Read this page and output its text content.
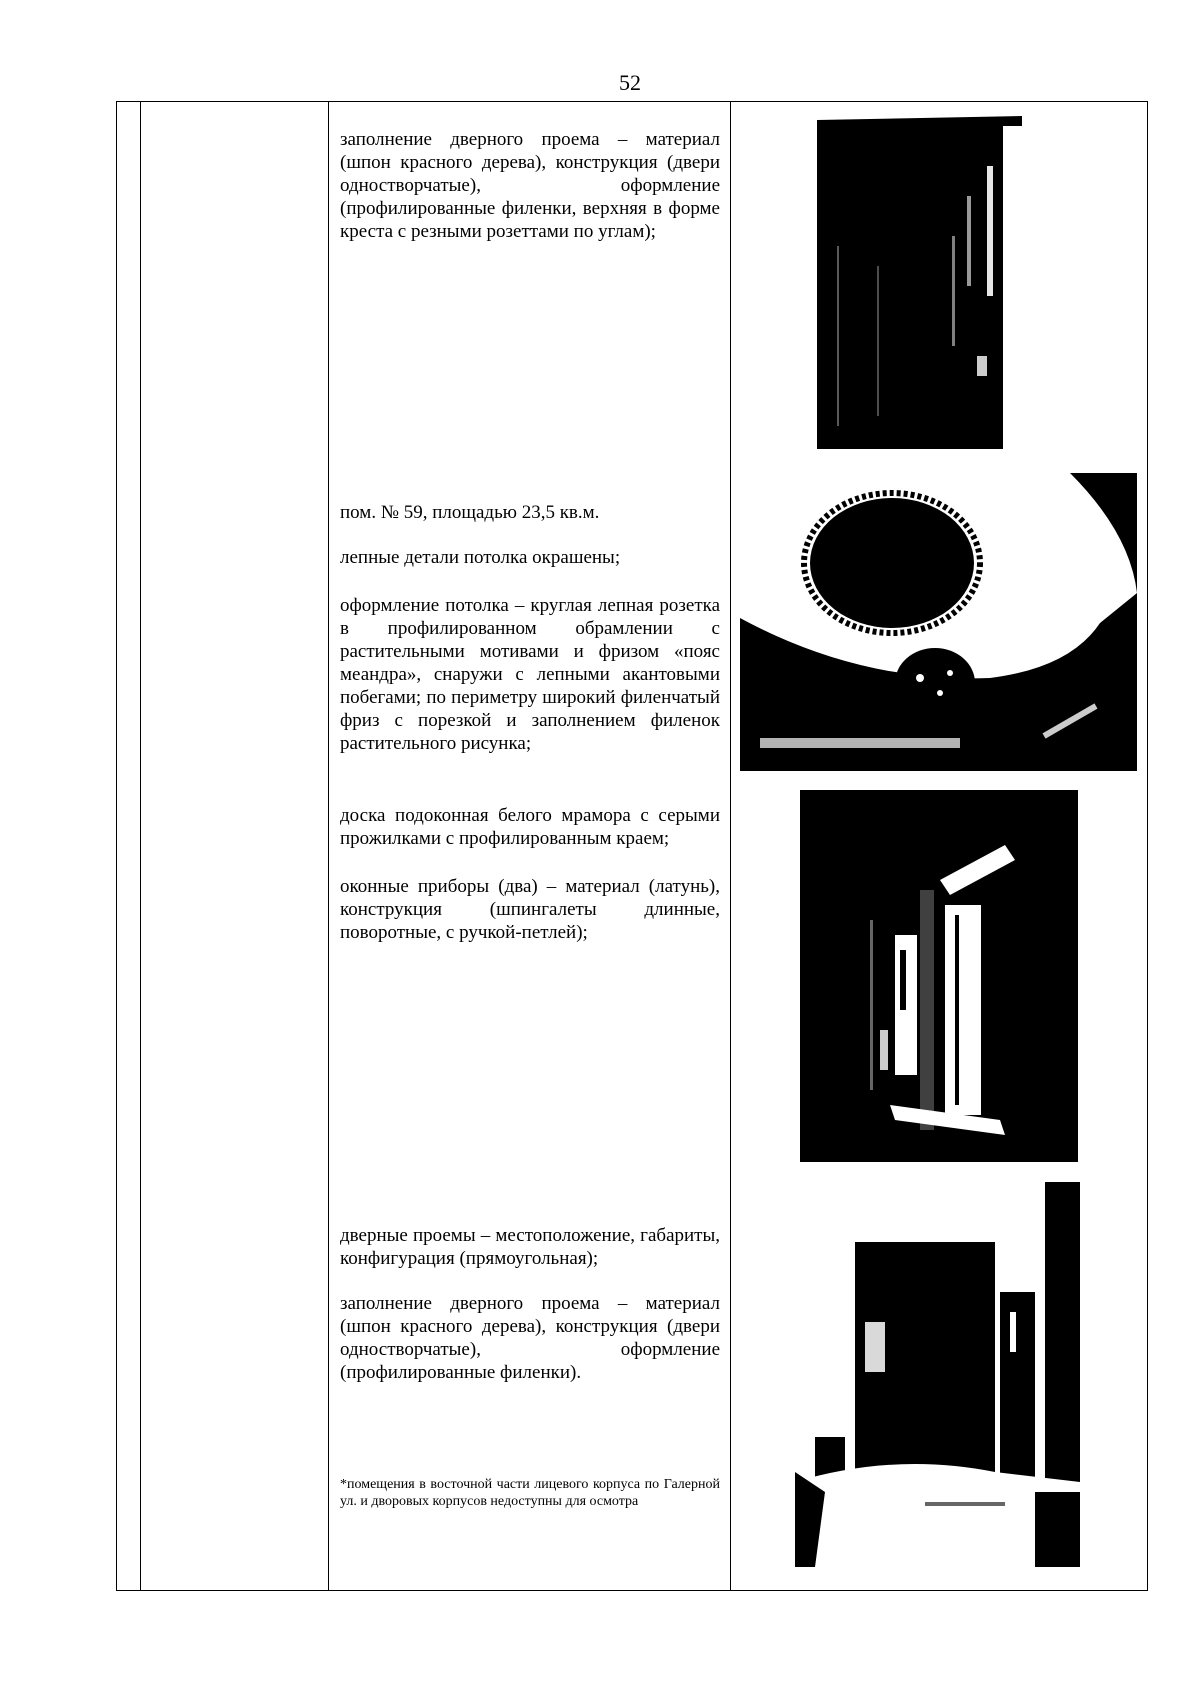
52
заполнение дверного проема – материал (шпон красного дерева), конструкция (двери одностворчатые), оформление (профилированные филенки, верхняя в форме креста с резными розеттами по углам);
пом. № 59, площадью 23,5 кв.м.
лепные детали потолка окрашены;
оформление потолка – круглая лепная розетка в профилированном обрамлении с растительными мотивами и фризом «пояс меандра», снаружи с лепными акантовыми побегами; по периметру широкий филенчатый фриз с порезкой и заполнением филенок растительного рисунка;
доска подоконная белого мрамора с серыми прожилками с профилированным краем;
оконные приборы (два) – материал (латунь), конструкция (шпингалеты длинные, поворотные, с ручкой-петлей);
дверные проемы – местоположение, габариты, конфигурация (прямоугольная);
заполнение дверного проема – материал (шпон красного дерева), конструкция (двери одностворчатые), оформление (профилированные филенки).
*помещения в восточной части лицевого корпуса по Галерной ул. и дворовых корпусов недоступны для осмотра
